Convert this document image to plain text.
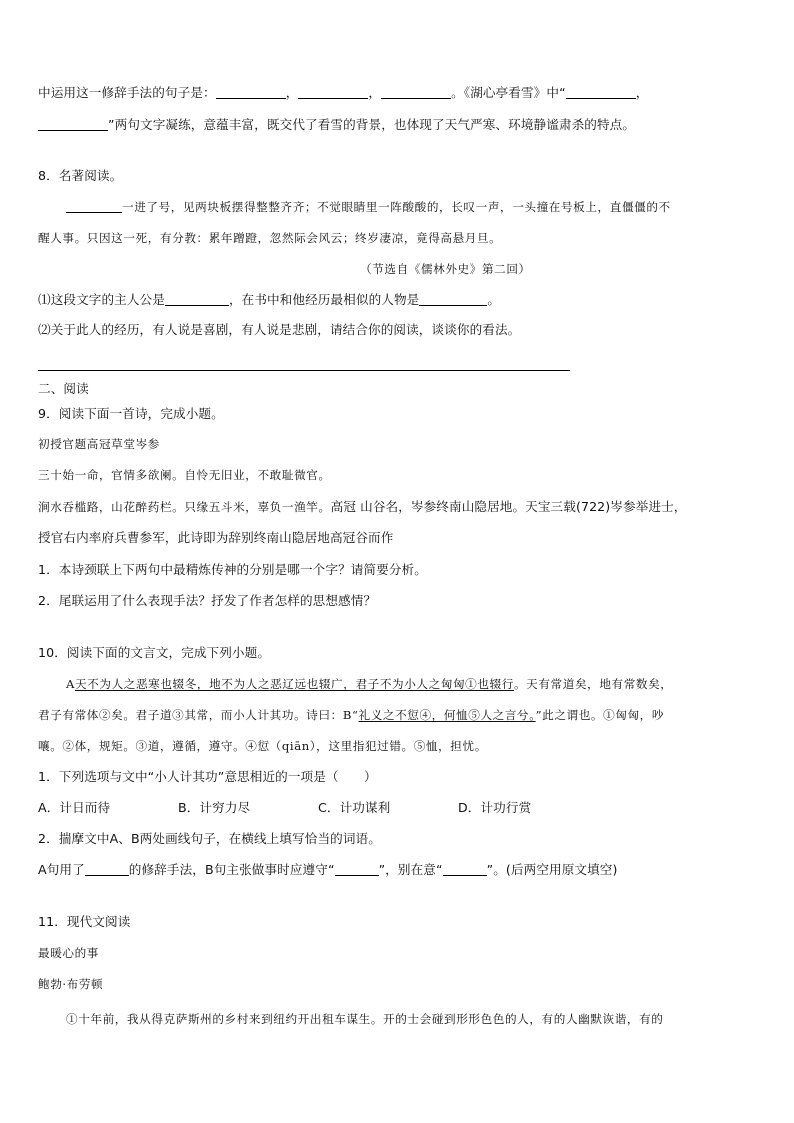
中运用这一修辞手法的句子是：	，	，	。《湖心亭看雪》中“	，
”两句文字凝练，意蕴丰富，既交代了看雪的背景，也体现了天气严寒、环境静谧肃杀的特点。
8．名著阅读。
一进了号，见两块板摆得整整齐齐；不觉眼睛里一阵酸酸的，长叹一声，一头撞在号板上，直僵僵的不
醒人事。只因这一死，有分教：累年蹭蹬，忽然际会风云；终岁凄凉，竟得高悬月旦。
（节选自《儒林外史》第二回）
⑴这段文字的主人公是	，在书中和他经历最相似的人物是	。
⑵关于此人的经历，有人说是喜剧，有人说是悲剧，请结合你的阅读，谈谈你的看法。
二、阅读
9．阅读下面一首诗，完成小题。
初授官题高冠草堂岑参
三十始一命，官情多欲阑。自怜无旧业，不敢耻微官。
涧水吞槛路，山花醉药栏。只缘五斗米，辜负一渔竿。高冠 山谷名，岑参终南山隐居地。天宝三载(722)岑参举进士，
授官右内率府兵曹参军，此诗即为辞别终南山隐居地高冠谷而作
1．本诗颈联上下两句中最精炼传神的分别是哪一个字？请简要分析。
2．尾联运用了什么表现手法？抒发了作者怎样的思想感情？
10．阅读下面的文言文，完成下列小题。
A天不为人之恶寒也辍冬，地不为人之恶辽远也辍广，君子不为小人之匈匈①也辍行。天有常道矣，地有常数矣，
君子有常体②矣。君子道③其常，而小人计其功。诗曰：B“礼义之不愆④，何恤⑤人之言兮。”此之谓也。①匈匈，吵
嚷。②体，规矩。③道，遵循，遵守。④愆（qiān），这里指犯过错。⑤恤，担忧。
1．下列选项与文中“小人计其功”意思相近的一项是（　　）
A．计日而待	B．计穷力尽	C．计功谋利	D．计功行赏
2．揣摩文中A、B两处画线句子，在横线上填写恰当的词语。
A句用了	的修辞手法，B句主张做事时应遵守“	”，别在意“	”。(后两空用原文填空)
11．现代文阅读
最暖心的事
鲍勃·布劳顿
①十年前，我从得克萨斯州的乡村来到纽约开出租车谋生。开的士会碰到形形色色的人，有的人幽默诙谐，有的
